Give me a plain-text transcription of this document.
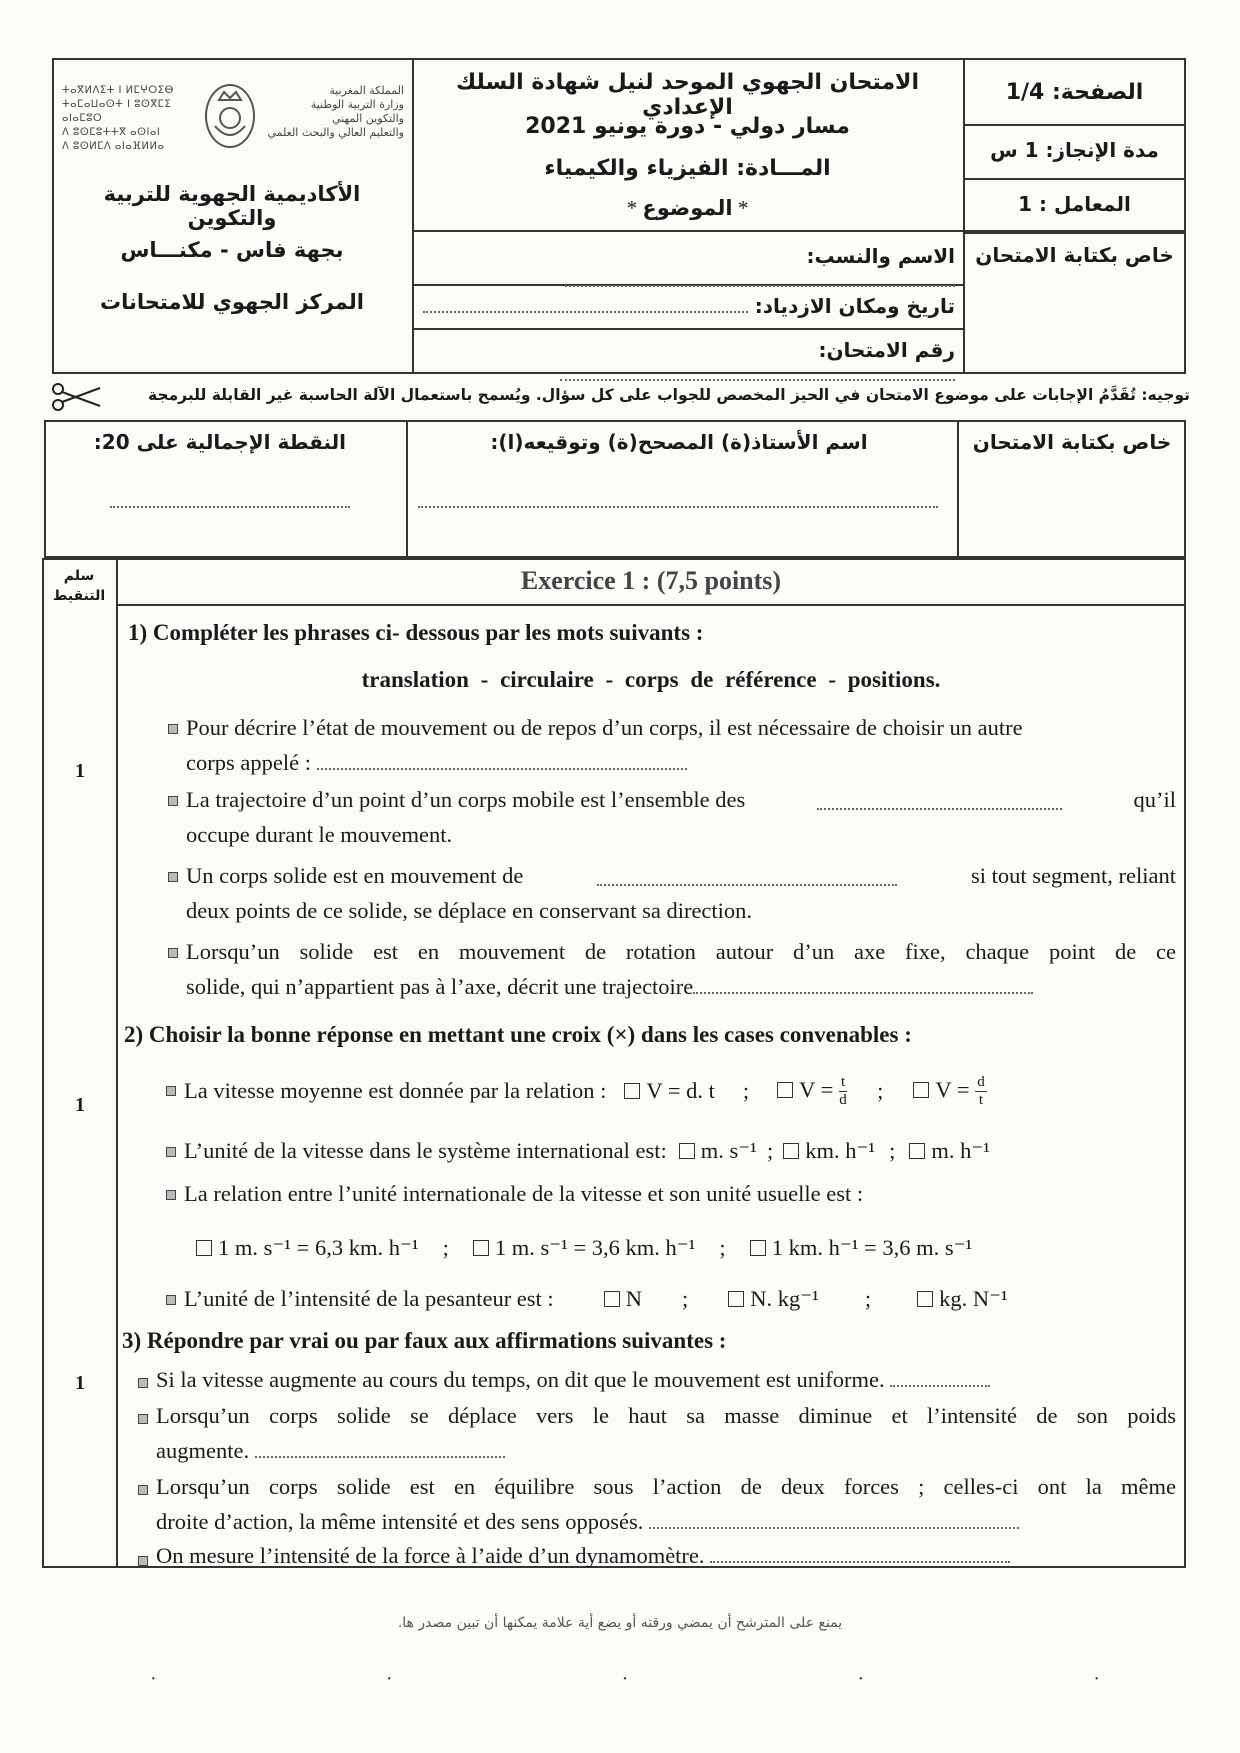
ⵜⴰⴳⵍⴷⵉⵜ ⵏ ⵍⵎⵖⵔⵉⴱ
ⵜⴰⵎⴰⵡⴰⵙⵜ ⵏ ⵓⵙⴳⵎⵉ ⴰⵏⴰⵎⵓⵔ
ⴷ ⵓⵙⵎⵓⵜⵜⴳ ⴰⵙⵏⴰⵏ
ⴷ ⵓⵙⵍⵎⴷ ⴰⵏⴰⴼⵍⵍⴰ
المملكة المغربية
وزارة التربية الوطنية
والتكوين المهني
والتعليم العالي والبحث العلمي
الأكاديمية الجهوية للتربية والتكوين
بجهة فاس - مكنـــاس
المركز الجهوي للامتحانات
الامتحان الجهوي الموحد لنيل شهادة السلك الإعدادي
مسار دولي - دورة يونيو 2021
المـــادة: الفيزياء والكيمياء
* الموضوع *
الاسم والنسب:
تاريخ ومكان الازدياد:
رقم الامتحان:
الصفحة: 1/4
مدة الإنجاز: 1 س
المعامل : 1
خاص بكتابة الامتحان
توجيه: تُقَدَّمُ الإجابات على موضوع الامتحان في الحيز المخصص للجواب على كل سؤال. ويُسمح باستعمال الآلة الحاسبة غير القابلة للبرمجة
النقطة الإجمالية على 20:	اسم الأستاذ(ة) المصحح(ة) وتوقيعه(ا):	خاص بكتابة الامتحان
سلم التنقيط
Exercice 1 : (7,5 points)
1) Compléter les phrases ci- dessous par les mots suivants :
translation - circulaire - corps de référence - positions.
1
Pour décrire l’état de mouvement ou de repos d’un corps, il est nécessaire de choisir un autre
corps appelé :
La trajectoire d’un point d’un corps mobile est l’ensemble des	qu’il
occupe durant le mouvement.
Un corps solide est en mouvement de	si tout segment, reliant
deux points de ce solide, se déplace en conservant sa direction.
Lorsqu’un solide est en mouvement de rotation autour d’un axe fixe, chaque point de ce
solide, qui n’appartient pas à l’axe, décrit une trajectoire
2) Choisir la bonne réponse en mettant une croix (×) dans les cases convenables :
1
La vitesse moyenne est donnée par la relation :	V = d. t ;	$V = \frac{t}{d}$ ;	$V = \frac{d}{t}$
L’unité de la vitesse dans le système international est:	m. s⁻¹ ;	km. h⁻¹ ;	m. h⁻¹
La relation entre l’unité internationale de la vitesse et son unité usuelle est :
1 m. s⁻¹ = 6,3 km. h⁻¹ ;	1 m. s⁻¹ = 3,6 km. h⁻¹ ;	1 km. h⁻¹ = 3,6 m. s⁻¹
L’unité de l’intensité de la pesanteur est :	N ;	N. kg⁻¹ ;	kg. N⁻¹
3) Répondre par vrai ou par faux aux affirmations suivantes :
1	Si la vitesse augmente au cours du temps, on dit que le mouvement est uniforme.
Lorsqu’un corps solide se déplace vers le haut sa masse diminue et l’intensité de son poids
augmente.
Lorsqu’un corps solide est en équilibre sous l’action de deux forces ; celles-ci ont la même
droite d’action, la même intensité et des sens opposés.
On mesure l’intensité de la force à l’aide d’un dynamomètre.
يمنع على المترشح أن يمضي ورقته أو يضع أية علامة يمكنها أن تبين مصدر ها.
·	·	·	·	·
